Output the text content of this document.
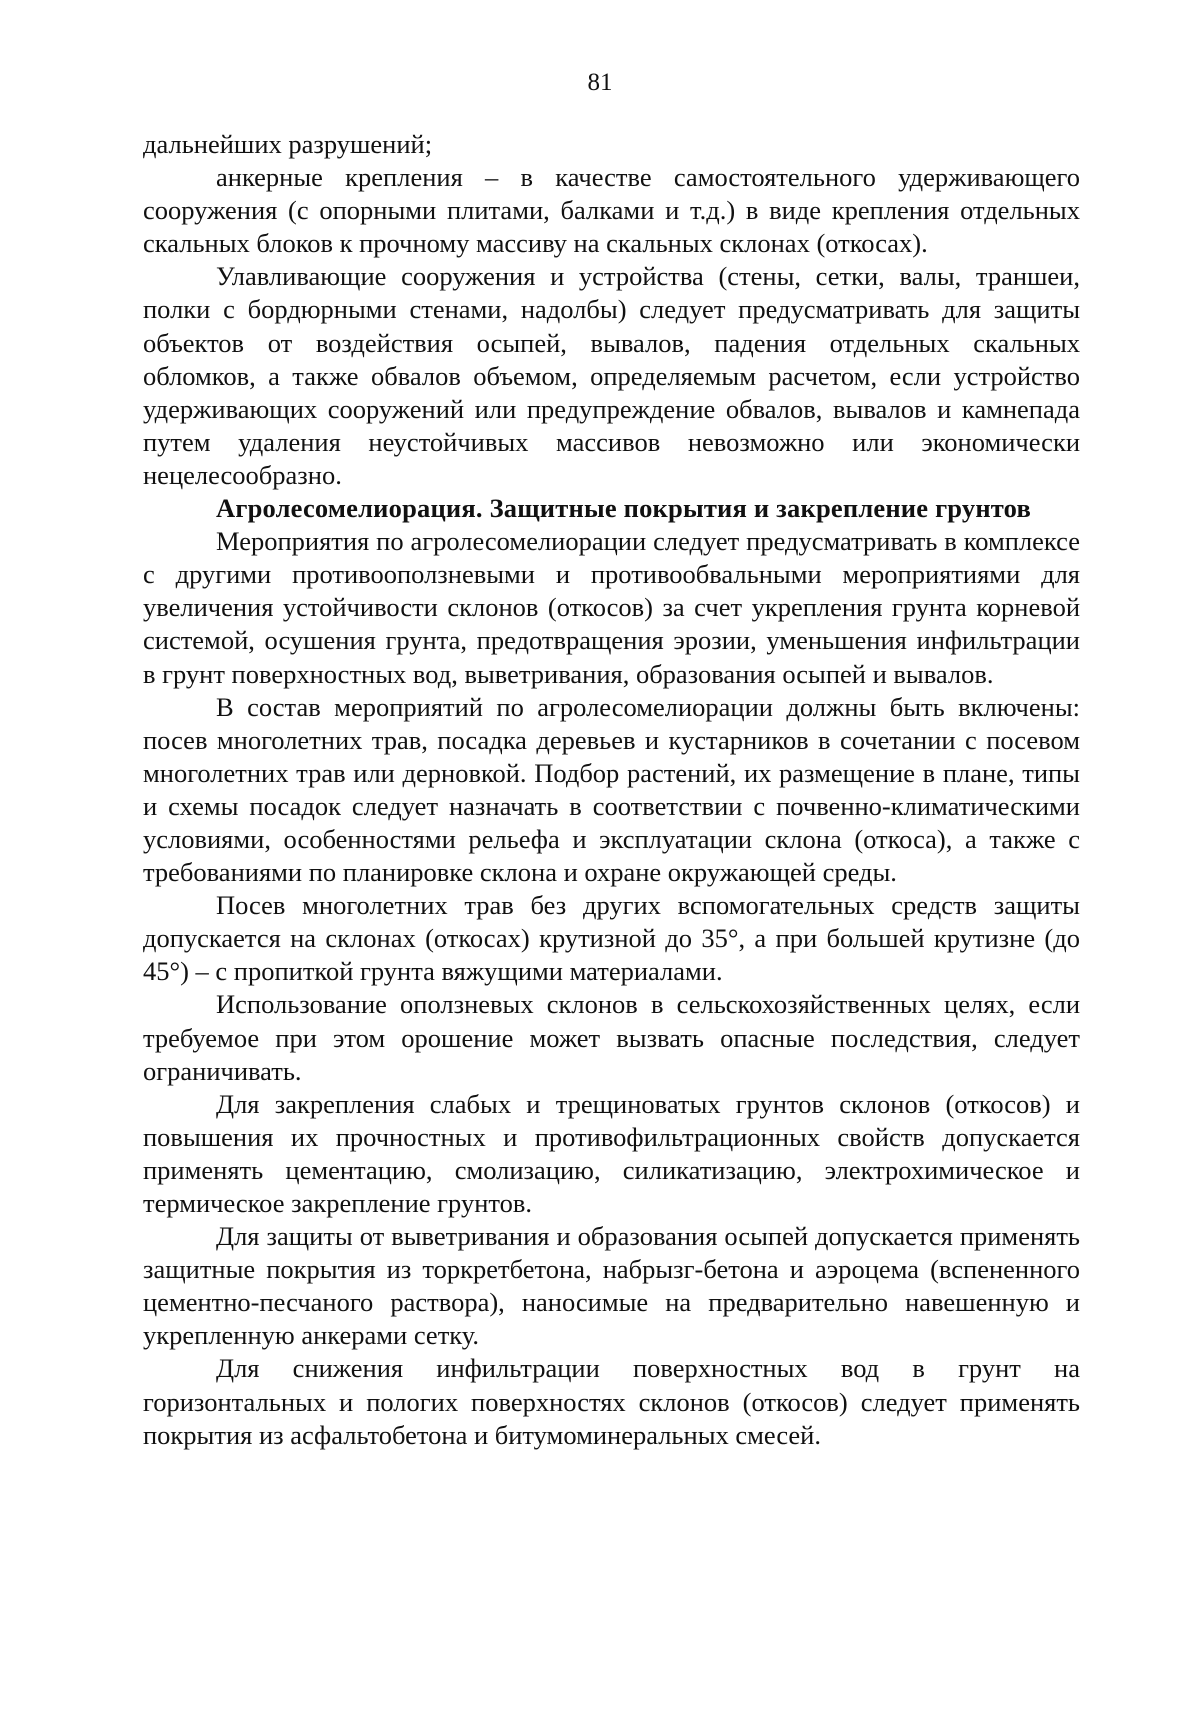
81

дальнейших разрушений;

анкерные крепления – в качестве самостоятельного удерживающего сооружения (с опорными плитами, балками и т.д.) в виде крепления отдельных скальных блоков к прочному массиву на скальных склонах (откосах).

Улавливающие сооружения и устройства (стены, сетки, валы, траншеи, полки с бордюрными стенами, надолбы) следует предусматривать для защиты объектов от воздействия осыпей, вывалов, падения отдельных скальных обломков, а также обвалов объемом, определяемым расчетом, если устройство удерживающих сооружений или предупреждение обвалов, вывалов и камнепада путем удаления неустойчивых массивов невозможно или экономически нецелесообразно.

Агролесомелиорация. Защитные покрытия и закрепление грунтов

Мероприятия по агролесомелиорации следует предусматривать в комплексе с другими противооползневыми и противообвальными мероприятиями для увеличения устойчивости склонов (откосов) за счет укрепления грунта корневой системой, осушения грунта, предотвращения эрозии, уменьшения инфильтрации в грунт поверхностных вод, выветривания, образования осыпей и вывалов.

В состав мероприятий по агролесомелиорации должны быть включены: посев многолетних трав, посадка деревьев и кустарников в сочетании с посевом многолетних трав или дерновкой. Подбор растений, их размещение в плане, типы и схемы посадок следует назначать в соответствии с почвенно-климатическими условиями, особенностями рельефа и эксплуатации склона (откоса), а также с требованиями по планировке склона и охране окружающей среды.

Посев многолетних трав без других вспомогательных средств защиты допускается на склонах (откосах) крутизной до 35°, а при большей крутизне (до 45°) – с пропиткой грунта вяжущими материалами.

Использование оползневых склонов в сельскохозяйственных целях, если требуемое при этом орошение может вызвать опасные последствия, следует ограничивать.

Для закрепления слабых и трещиноватых грунтов склонов (откосов) и повышения их прочностных и противофильтрационных свойств допускается применять цементацию, смолизацию, силикатизацию, электрохимическое и термическое закрепление грунтов.

Для защиты от выветривания и образования осыпей допускается применять защитные покрытия из торкретбетона, набрызг-бетона и аэроцема (вспененного цементно-песчаного раствора), наносимые на предварительно навешенную и укрепленную анкерами сетку.

Для снижения инфильтрации поверхностных вод в грунт на горизонтальных и пологих поверхностях склонов (откосов) следует применять покрытия из асфальтобетона и битумоминеральных смесей.
